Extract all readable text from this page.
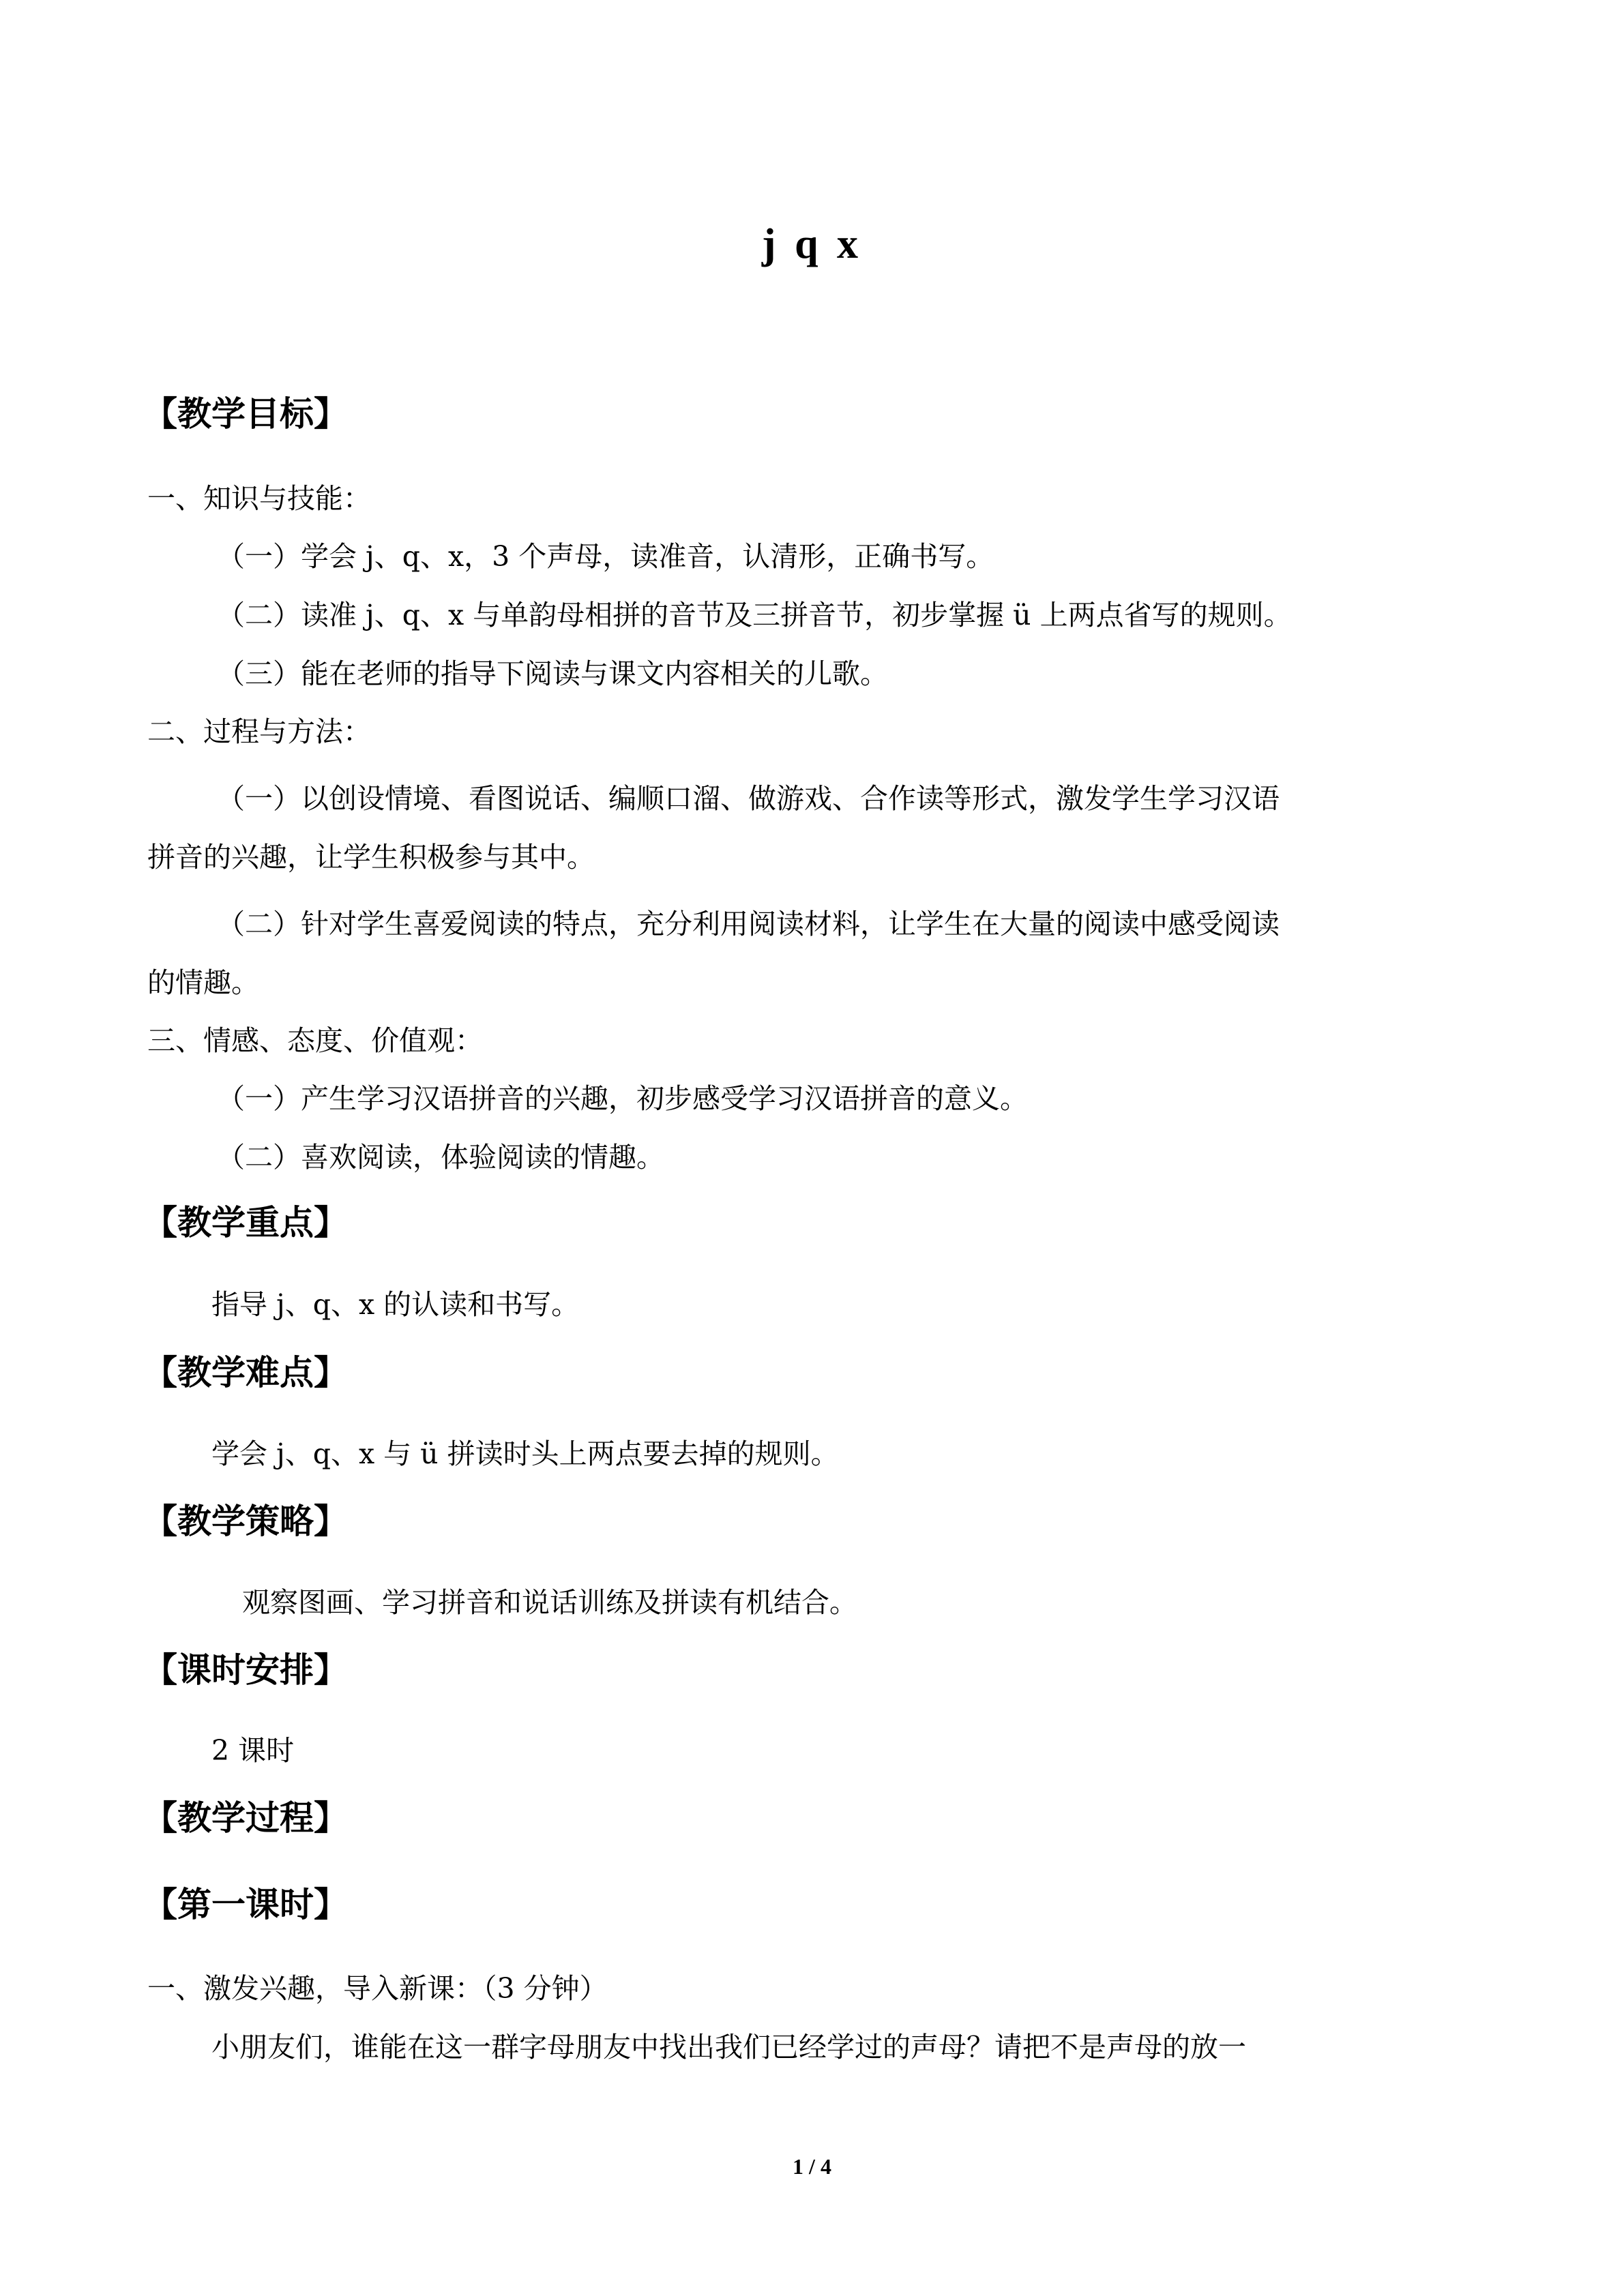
j q x
【教学目标】
一、知识与技能：
（一）学会 j、q、x，3 个声母，读准音，认清形，正确书写。
（二）读准 j、q、x 与单韵母相拼的音节及三拼音节，初步掌握 ü 上两点省写的规则。
（三）能在老师的指导下阅读与课文内容相关的儿歌。
二、过程与方法：
（一）以创设情境、看图说话、编顺口溜、做游戏、合作读等形式，激发学生学习汉语
拼音的兴趣，让学生积极参与其中。
（二）针对学生喜爱阅读的特点，充分利用阅读材料，让学生在大量的阅读中感受阅读
的情趣。
三、情感、态度、价值观：
（一）产生学习汉语拼音的兴趣，初步感受学习汉语拼音的意义。
（二）喜欢阅读，体验阅读的情趣。
【教学重点】
指导 j、q、x 的认读和书写。
【教学难点】
学会 j、q、x 与 ü 拼读时头上两点要去掉的规则。
【教学策略】
观察图画、学习拼音和说话训练及拼读有机结合。
【课时安排】
2 课时
【教学过程】
【第一课时】
一、激发兴趣，导入新课：（3 分钟）
小朋友们，谁能在这一群字母朋友中找出我们已经学过的声母？请把不是声母的放一
1 / 4
